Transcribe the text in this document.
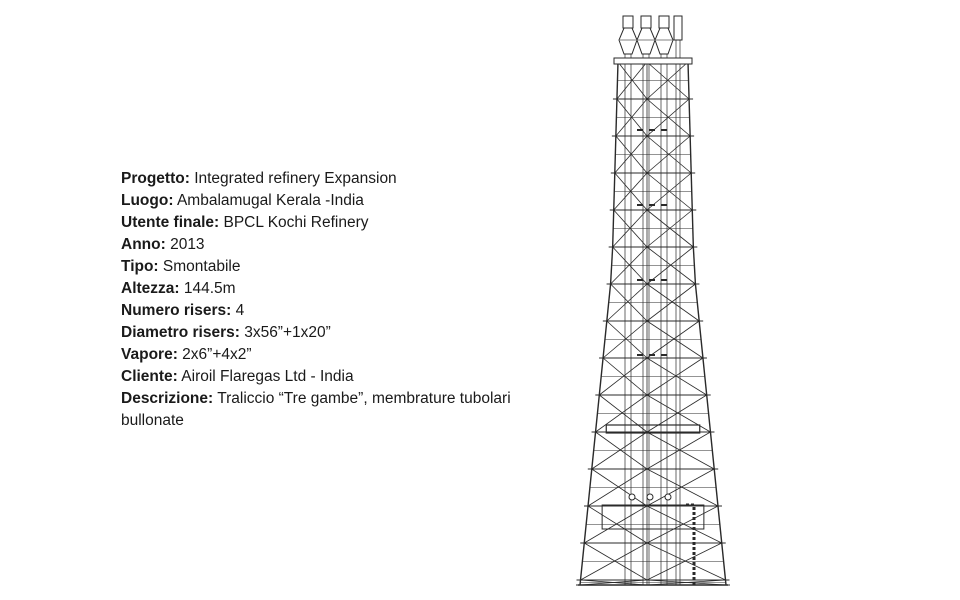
Progetto: Integrated refinery Expansion

Luogo: Ambalamugal Kerala -India

Utente finale: BPCL Kochi Refinery

Anno: 2013

Tipo: Smontabile

Altezza: 144.5m

Numero risers: 4

Diametro risers: 3x56”+1x20”

Vapore: 2x6”+4x2”

Cliente: Airoil Flaregas Ltd - India

Descrizione: Traliccio “Tre gambe”, membrature tubolari bullonate
